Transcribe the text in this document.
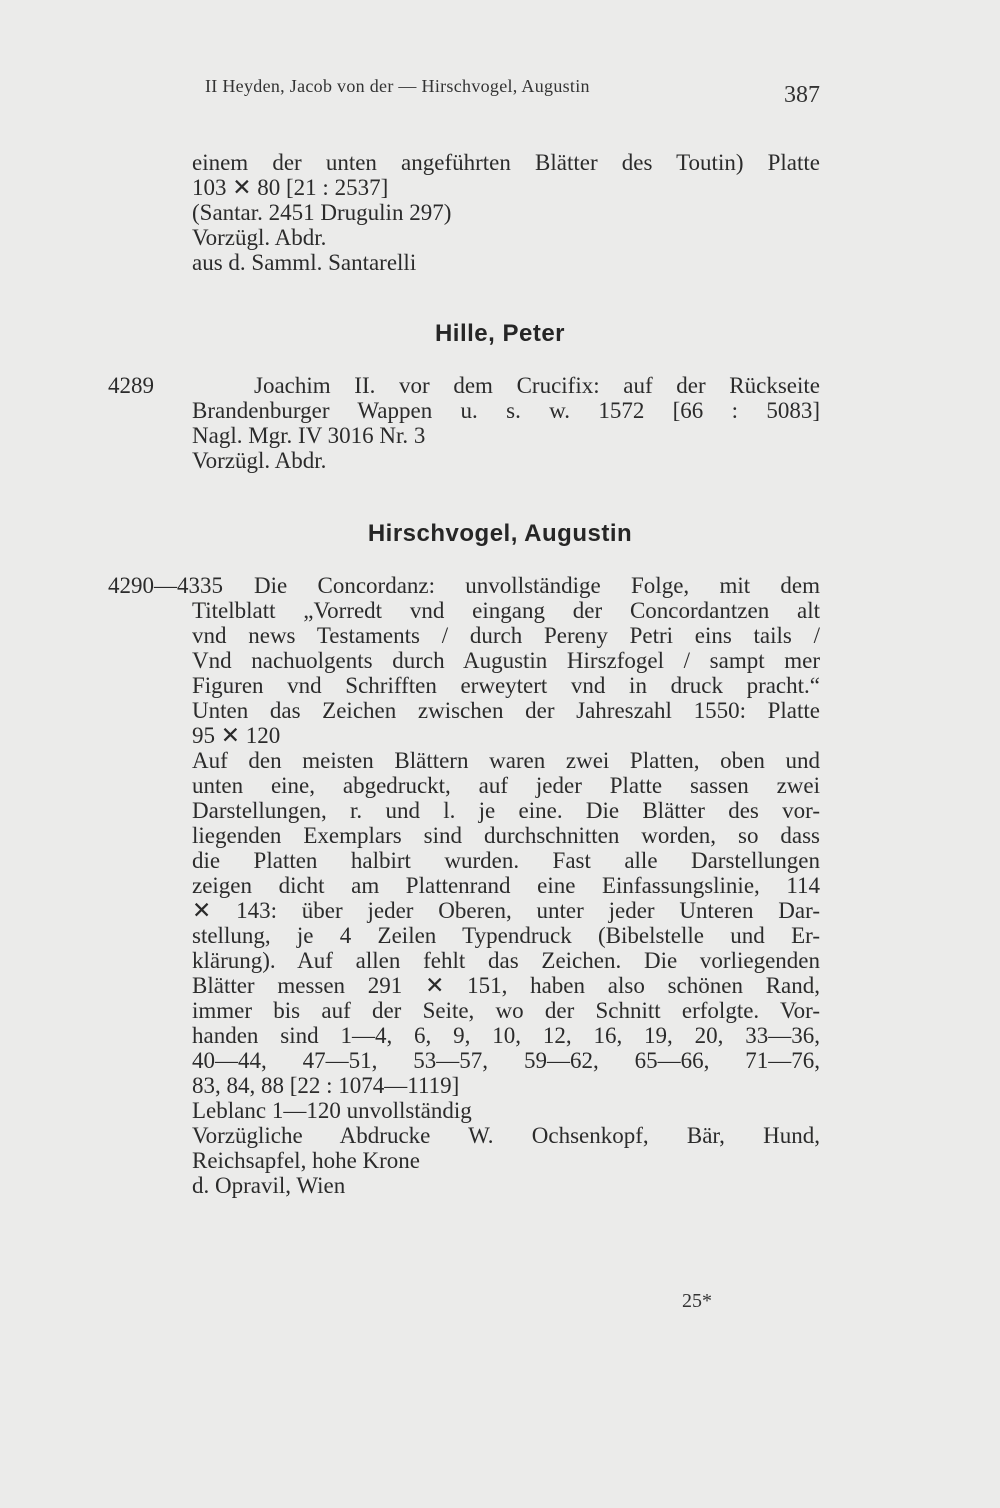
II Heyden, Jacob von der — Hirschvogel, Augustin	387
einem der unten angeführten Blätter des Toutin) Platte
103 ✕ 80 [21 : 2537]
(Santar. 2451 Drugulin 297)
Vorzügl. Abdr.
aus d. Samml. Santarelli
Hille, Peter
4289	Joachim II. vor dem Crucifix: auf der Rückseite
Brandenburger Wappen u. s. w. 1572 [66 : 5083]
Nagl. Mgr. IV 3016 Nr. 3
Vorzügl. Abdr.
Hirschvogel, Augustin
4290—4335	Die Concordanz: unvollständige Folge, mit dem
Titelblatt „Vorredt vnd eingang der Concordantzen alt
vnd news Testaments / durch Pereny Petri eins tails /
Vnd nachuolgents durch Augustin Hirszfogel / sampt mer
Figuren vnd Schrifften erweytert vnd in druck pracht.“
Unten das Zeichen zwischen der Jahreszahl 1550: Platte
95 ✕ 120
Auf den meisten Blättern waren zwei Platten, oben und
unten eine, abgedruckt, auf jeder Platte sassen zwei
Darstellungen, r. und l. je eine. Die Blätter des vor-
liegenden Exemplars sind durchschnitten worden, so dass
die Platten halbirt wurden. Fast alle Darstellungen
zeigen dicht am Plattenrand eine Einfassungslinie, 114
✕ 143: über jeder Oberen, unter jeder Unteren Dar-
stellung, je 4 Zeilen Typendruck (Bibelstelle und Er-
klärung). Auf allen fehlt das Zeichen. Die vorliegenden
Blätter messen 291 ✕ 151, haben also schönen Rand,
immer bis auf der Seite, wo der Schnitt erfolgte. Vor-
handen sind 1—4, 6, 9, 10, 12, 16, 19, 20, 33—36,
40—44, 47—51, 53—57, 59—62, 65—66, 71—76,
83, 84, 88 [22 : 1074—1119]
Leblanc 1—120 unvollständig
Vorzügliche Abdrucke W. Ochsenkopf, Bär, Hund,
Reichsapfel, hohe Krone
d. Opravil, Wien
25*
